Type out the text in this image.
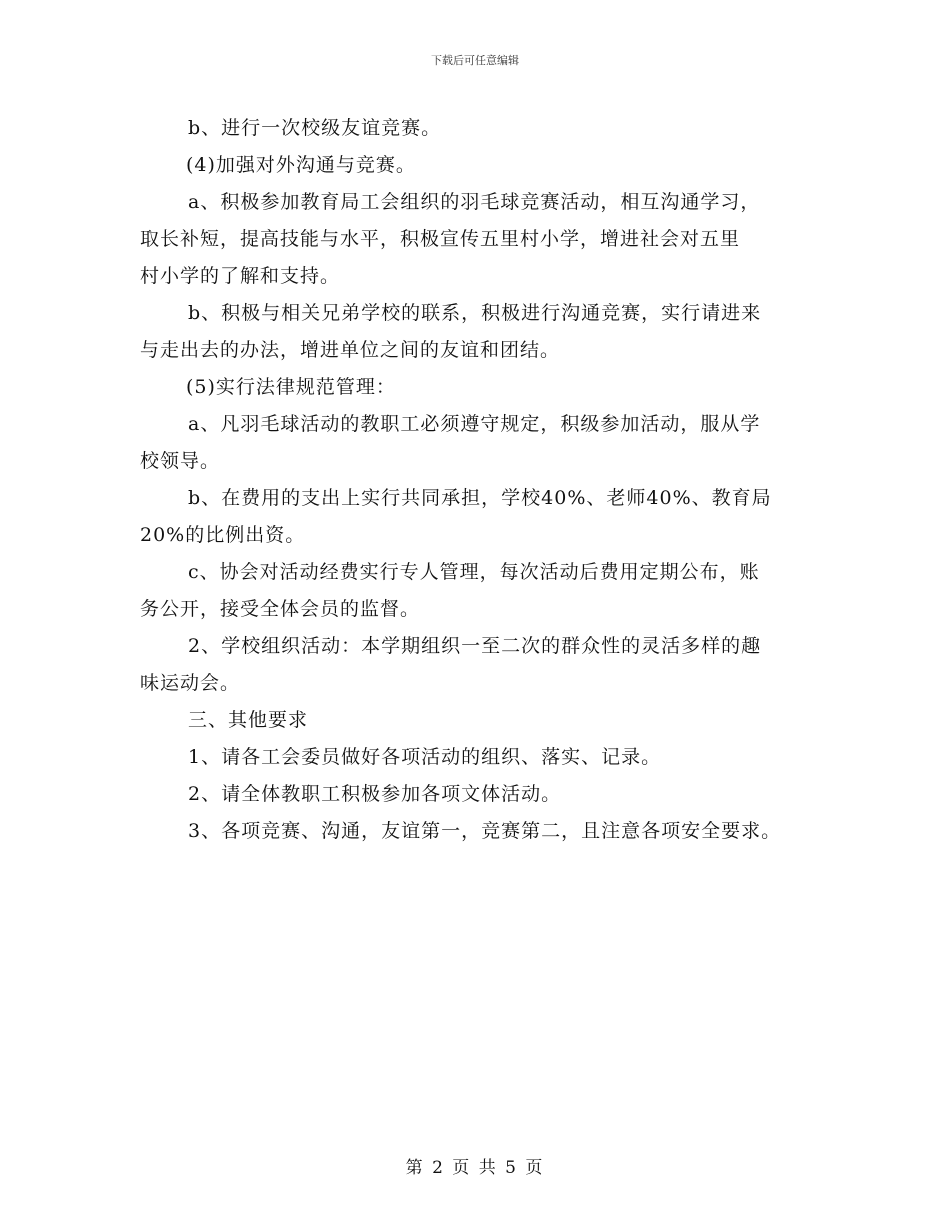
下载后可任意编辑
b、进行一次校级友谊竞赛。
(4)加强对外沟通与竞赛。
a、积极参加教育局工会组织的羽毛球竞赛活动，相互沟通学习，
取长补短，提高技能与水平，积极宣传五里村小学，增进社会对五里
村小学的了解和支持。
b、积极与相关兄弟学校的联系，积极进行沟通竞赛，实行请进来
与走出去的办法，增进单位之间的友谊和团结。
(5)实行法律规范管理：
a、凡羽毛球活动的教职工必须遵守规定，积级参加活动，服从学
校领导。
b、在费用的支出上实行共同承担，学校40%、老师40%、教育局
20%的比例出资。
c、协会对活动经费实行专人管理，每次活动后费用定期公布，账
务公开，接受全体会员的监督。
2、学校组织活动：本学期组织一至二次的群众性的灵活多样的趣
味运动会。
三、其他要求
1、请各工会委员做好各项活动的组织、落实、记录。
2、请全体教职工积极参加各项文体活动。
3、各项竞赛、沟通，友谊第一，竞赛第二，且注意各项安全要求。
第 2 页 共 5 页
